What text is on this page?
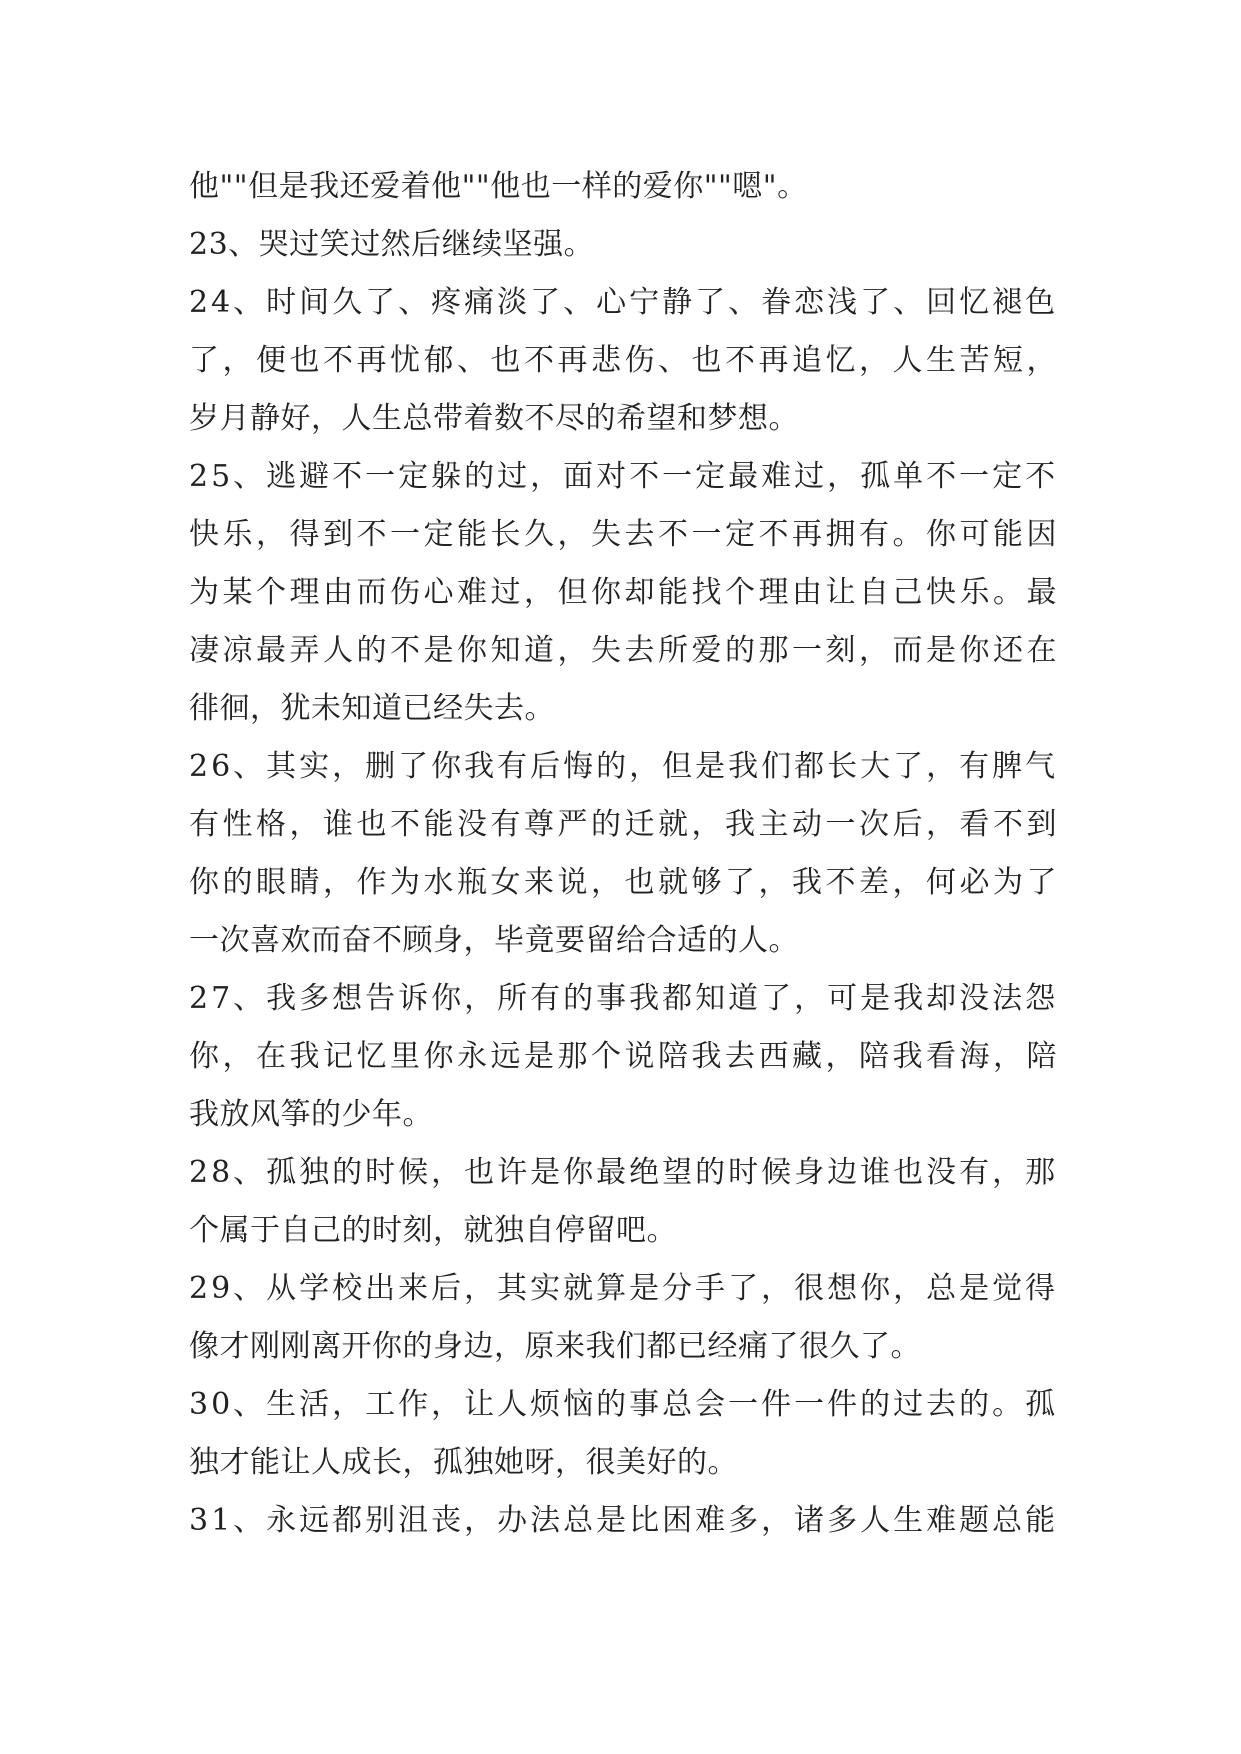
他""但是我还爱着他""他也一样的爱你""嗯"。
23、哭过笑过然后继续坚强。
24、时间久了、疼痛淡了、心宁静了、眷恋浅了、回忆褪色
了，便也不再忧郁、也不再悲伤、也不再追忆，人生苦短，
岁月静好，人生总带着数不尽的希望和梦想。
25、逃避不一定躲的过，面对不一定最难过，孤单不一定不
快乐，得到不一定能长久，失去不一定不再拥有。你可能因
为某个理由而伤心难过，但你却能找个理由让自己快乐。最
凄凉最弄人的不是你知道，失去所爱的那一刻，而是你还在
徘徊，犹未知道已经失去。
26、其实，删了你我有后悔的，但是我们都长大了，有脾气
有性格，谁也不能没有尊严的迁就，我主动一次后，看不到
你的眼睛，作为水瓶女来说，也就够了，我不差，何必为了
一次喜欢而奋不顾身，毕竟要留给合适的人。
27、我多想告诉你，所有的事我都知道了，可是我却没法怨
你，在我记忆里你永远是那个说陪我去西藏，陪我看海，陪
我放风筝的少年。
28、孤独的时候，也许是你最绝望的时候身边谁也没有，那
个属于自己的时刻，就独自停留吧。
29、从学校出来后，其实就算是分手了，很想你，总是觉得
像才刚刚离开你的身边，原来我们都已经痛了很久了。
30、生活，工作，让人烦恼的事总会一件一件的过去的。孤
独才能让人成长，孤独她呀，很美好的。
31、永远都别沮丧，办法总是比困难多，诸多人生难题总能
